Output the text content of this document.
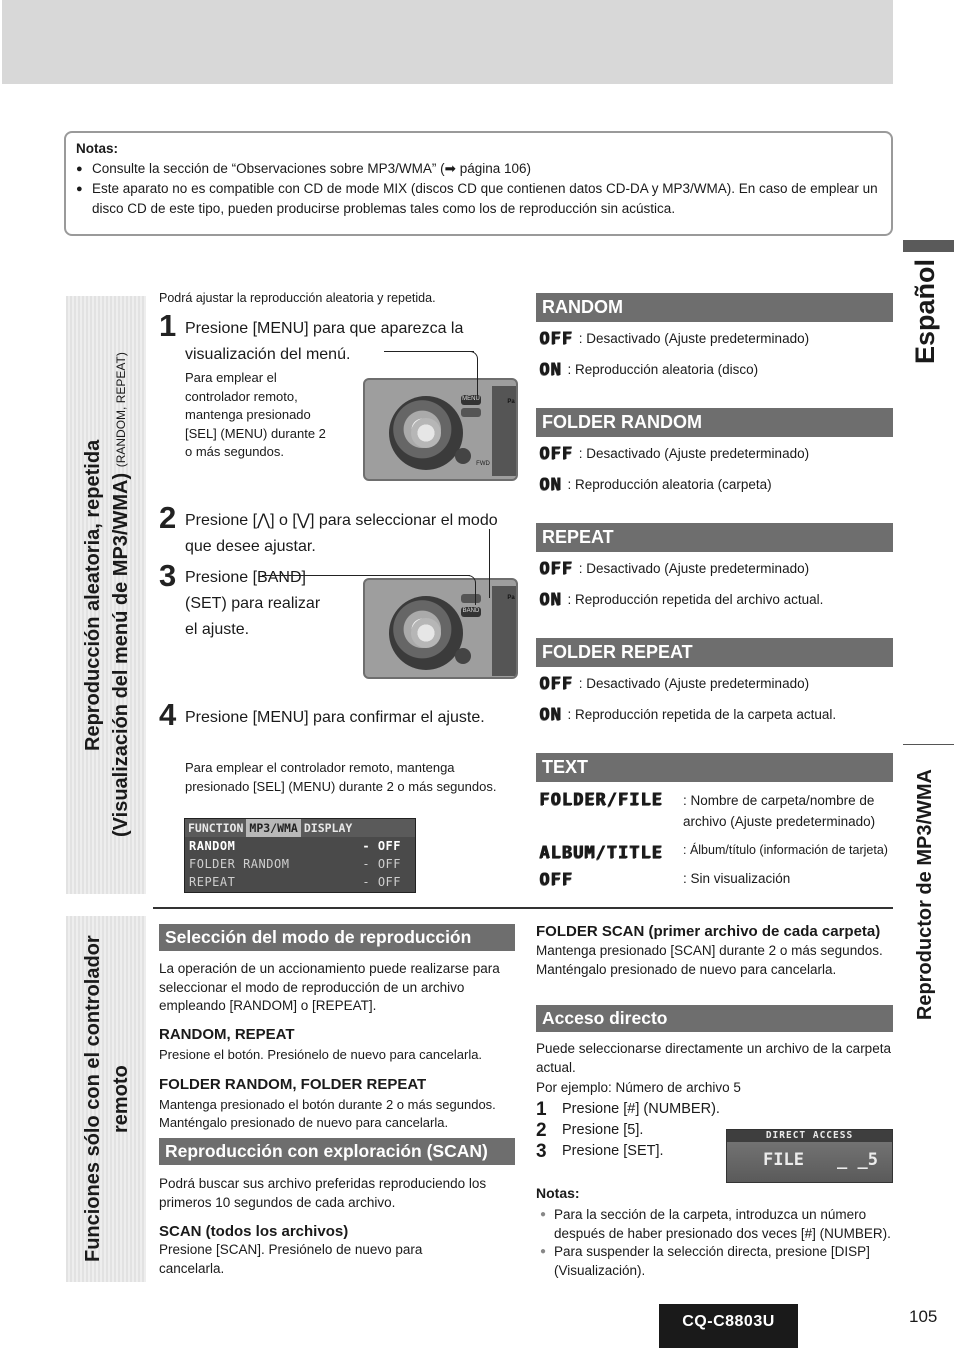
Notas:
● Consulte la sección de “Observaciones sobre MP3/WMA” (➡ página 106)
● Este aparato no es compatible con CD de mode MIX (discos CD que contienen datos CD-DA y MP3/WMA). En caso de emplear un disco CD de este tipo, pueden producirse problemas tales como los de reproducción sin acústica.
Español
Reproductor de MP3/WMA
Reproducción aleatoria, repetida (Visualización del menú de MP3/WMA) (RANDOM, REPEAT)
Funciones sólo con el controlador remoto
Podrá ajustar la reproducción aleatoria y repetida.
1 Presione [MENU] para que aparezca la visualización del menú.
Para emplear el controlador remoto, mantenga presionado [SEL] (MENU) durante 2 o más segundos.
MENU
FWD
Pa
2 Presione [⋀] o [⋁] para seleccionar el modo que desee ajustar.
3 Presione [BAND] (SET) para realizar el ajuste.
BAND
Pa
4 Presione [MENU] para confirmar el ajuste.
Para emplear el controlador remoto, mantenga presionado [SEL] (MENU) durante 2 o más segundos.
FUNCTION MP3/WMA DISPLAY
RANDOM	- OFF
FOLDER RANDOM	- OFF
REPEAT	- OFF
RANDOM
OFF : Desactivado (Ajuste predeterminado)
ON : Reproducción aleatoria (disco)
FOLDER RANDOM
OFF : Desactivado (Ajuste predeterminado)
ON : Reproducción aleatoria (carpeta)
REPEAT
OFF : Desactivado (Ajuste predeterminado)
ON : Reproducción repetida del archivo actual.
FOLDER REPEAT
OFF : Desactivado (Ajuste predeterminado)
ON : Reproducción repetida de la carpeta actual.
TEXT
FOLDER/FILE	: Nombre de carpeta/nombre de archivo (Ajuste predeterminado)
ALBUM/TITLE : Álbum/título (información de tarjeta)
OFF	: Sin visualización
Selección del modo de reproducción
La operación de un accionamiento puede realizarse para seleccionar el modo de reproducción de un archivo empleando [RANDOM] o [REPEAT].
RANDOM, REPEAT
Presione el botón. Presiónelo de nuevo para cancelarla.
FOLDER RANDOM, FOLDER REPEAT
Mantenga presionado el botón durante 2 o más segundos. Manténgalo presionado de nuevo para cancelarla.
Reproducción con exploración (SCAN)
Podrá buscar sus archivo preferidas reproduciendo los primeros 10 segundos de cada archivo.
SCAN (todos los archivos)
Presione [SCAN]. Presiónelo de nuevo para cancelarla.
FOLDER SCAN (primer archivo de cada carpeta)
Mantenga presionado [SCAN] durante 2 o más segundos. Manténgalo presionado de nuevo para cancelarla.
Acceso directo
Puede seleccionarse directamente un archivo de la carpeta actual.
Por ejemplo: Número de archivo 5
1	Presione [#] (NUMBER).
2	Presione [5].
3	Presione [SET].
DIRECT ACCESS
FILE _ _5
Notas:
● Para la sección de la carpeta, introduzca un número después de haber presionado dos veces [#] (NUMBER).
● Para suspender la selección directa, presione [DISP] (Visualización).
CQ-C8803U	105
